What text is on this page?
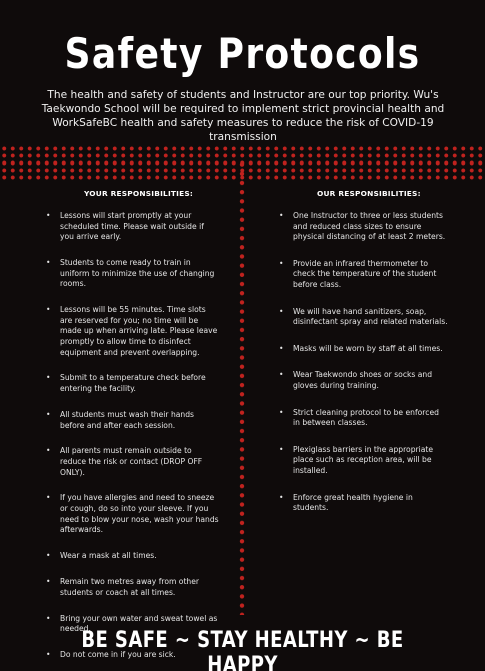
Safety Protocols

The health and safety of students and Instructor are our top priority. Wu's Taekwondo School will be required to implement strict provincial health and WorkSafeBC health and safety measures to reduce the risk of COVID-19 transmission

YOUR RESPONSIBILITIES:	OUR RESPONSIBILITIES:
• Lessons will start promptly at your scheduled time. Please wait outside if you arrive early.
• Students to come ready to train in uniform to minimize the use of changing rooms.
• Lessons will be 55 minutes. Time slots are reserved for you; no time will be made up when arriving late. Please leave promptly to allow time to disinfect equipment and prevent overlapping.
• Submit to a temperature check before entering the facility.
• All students must wash their hands before and after each session.
• All parents must remain outside to reduce the risk or contact (DROP OFF ONLY).
• If you have allergies and need to sneeze or cough, do so into your sleeve. If you need to blow your nose, wash your hands afterwards.
• Wear a mask at all times.
• Remain two metres away from other students or coach at all times.
• Bring your own water and sweat towel as needed.
• Do not come in if you are sick.
• One Instructor to three or less students and reduced class sizes to ensure physical distancing of at least 2 meters.
• Provide an infrared thermometer to check the temperature of the student before class.
• We will have hand sanitizers, soap, disinfectant spray and related materials.
• Masks will be worn by staff at all times.
• Wear Taekwondo shoes or socks and gloves during training.
• Strict cleaning protocol to be enforced in between classes.
• Plexiglass barriers in the appropriate place such as reception area, will be installed.
• Enforce great health hygiene in students.
BE SAFE ~ STAY HEALTHY ~ BE HAPPY
